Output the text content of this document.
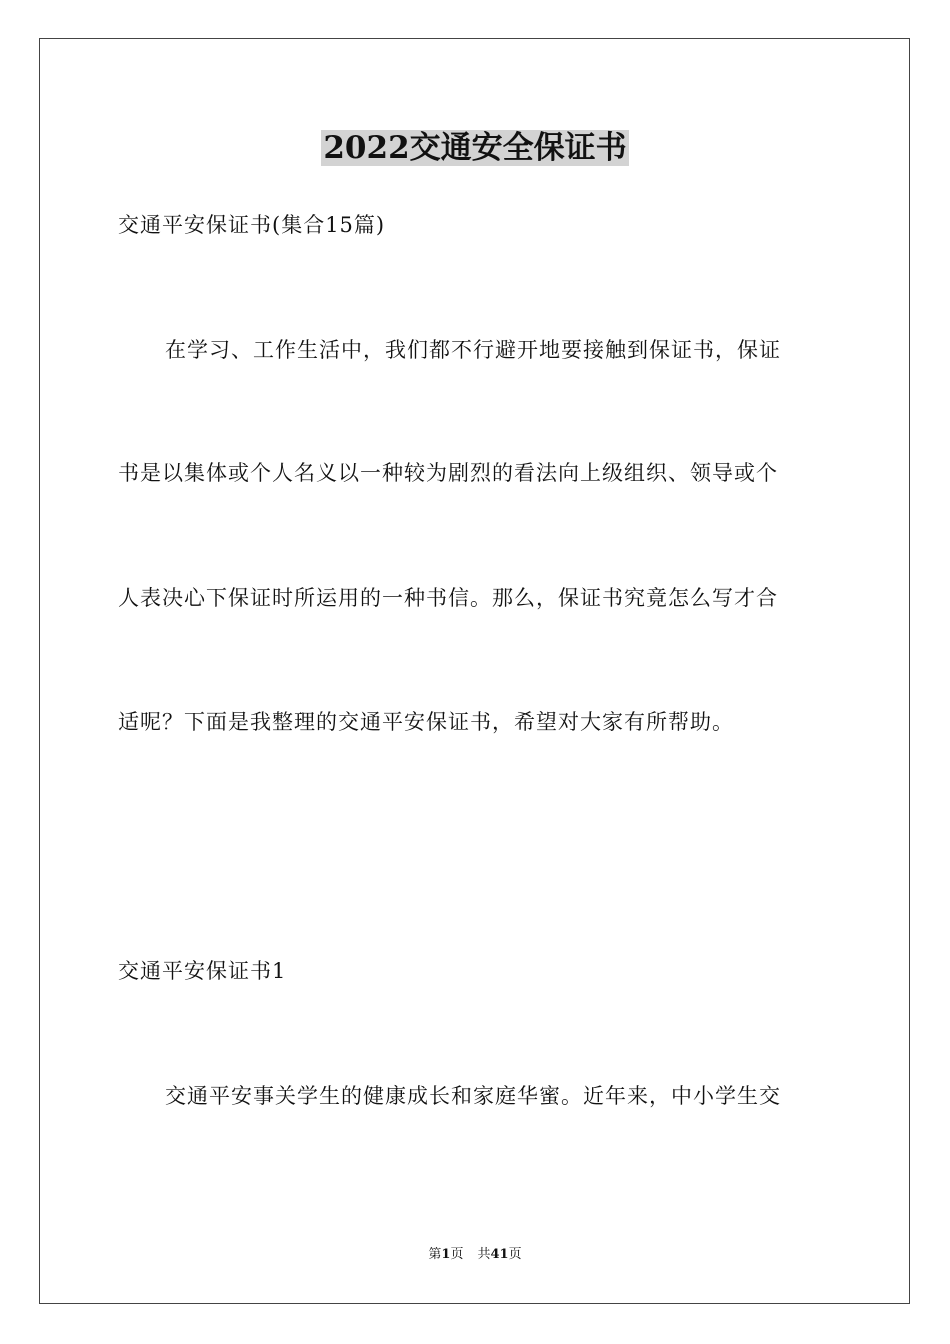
2022交通安全保证书
交通平安保证书(集合15篇)
在学习、工作生活中，我们都不行避开地要接触到保证书，保证
书是以集体或个人名义以一种较为剧烈的看法向上级组织、领导或个
人表决心下保证时所运用的一种书信。那么，保证书究竟怎么写才合
适呢？下面是我整理的交通平安保证书，希望对大家有所帮助。
交通平安保证书1
交通平安事关学生的健康成长和家庭华蜜。近年来，中小学生交
第1页 共41页
